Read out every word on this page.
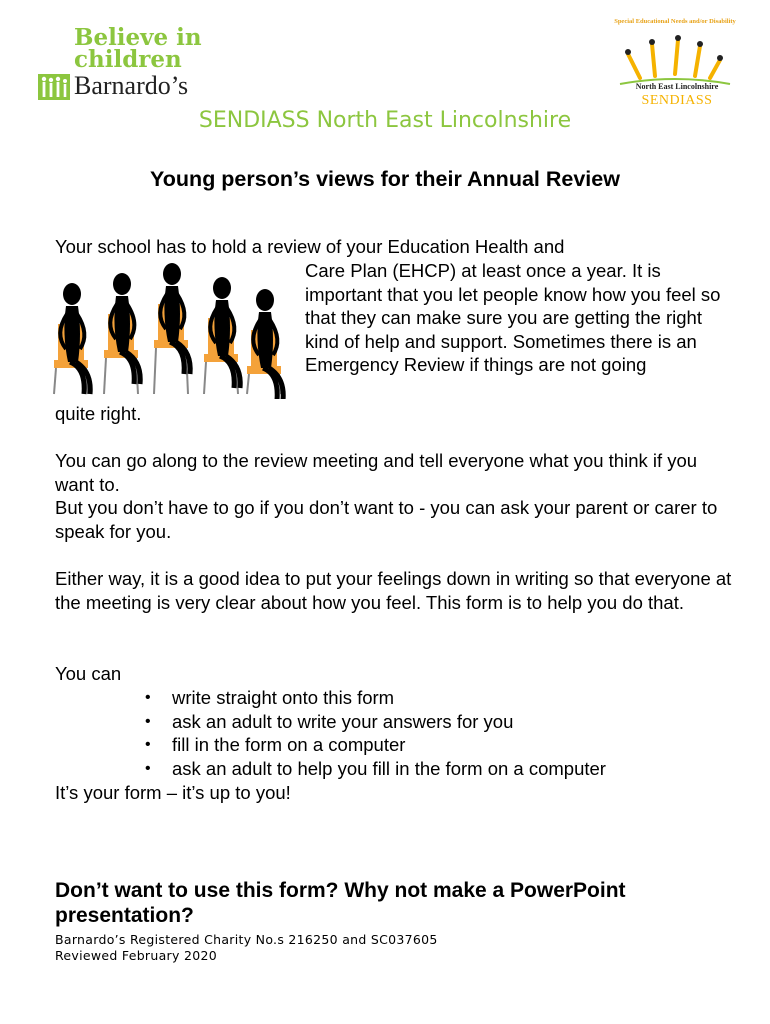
Believe in
children
Barnardo’s
Special Educational Needs and/or Disability
North East Lincolnshire
SENDIASS
SENDIASS North East Lincolnshire
Young person’s views for their Annual Review
Your school has to hold a review of your Education Health and
Care Plan (EHCP) at least once a year. It is important that you let people know how you feel so that they can make sure you are getting the right kind of help and support. Sometimes there is an Emergency Review if things are not going
quite right.
You can go along to the review meeting and tell everyone what you think if you want to.
But you don’t have to go if you don’t want to - you can ask your parent or carer to speak for you.
Either way, it is a good idea to put your feelings down in writing so that everyone at the meeting is very clear about how you feel. This form is to help you do that.
You can
• write straight onto this form
• ask an adult to write your answers for you
• fill in the form on a computer
• ask an adult to help you fill in the form on a computer
It’s your form – it’s up to you!
Don’t want to use this form? Why not make a PowerPoint presentation?
Barnardo’s Registered Charity No.s 216250 and SC037605
Reviewed February 2020
